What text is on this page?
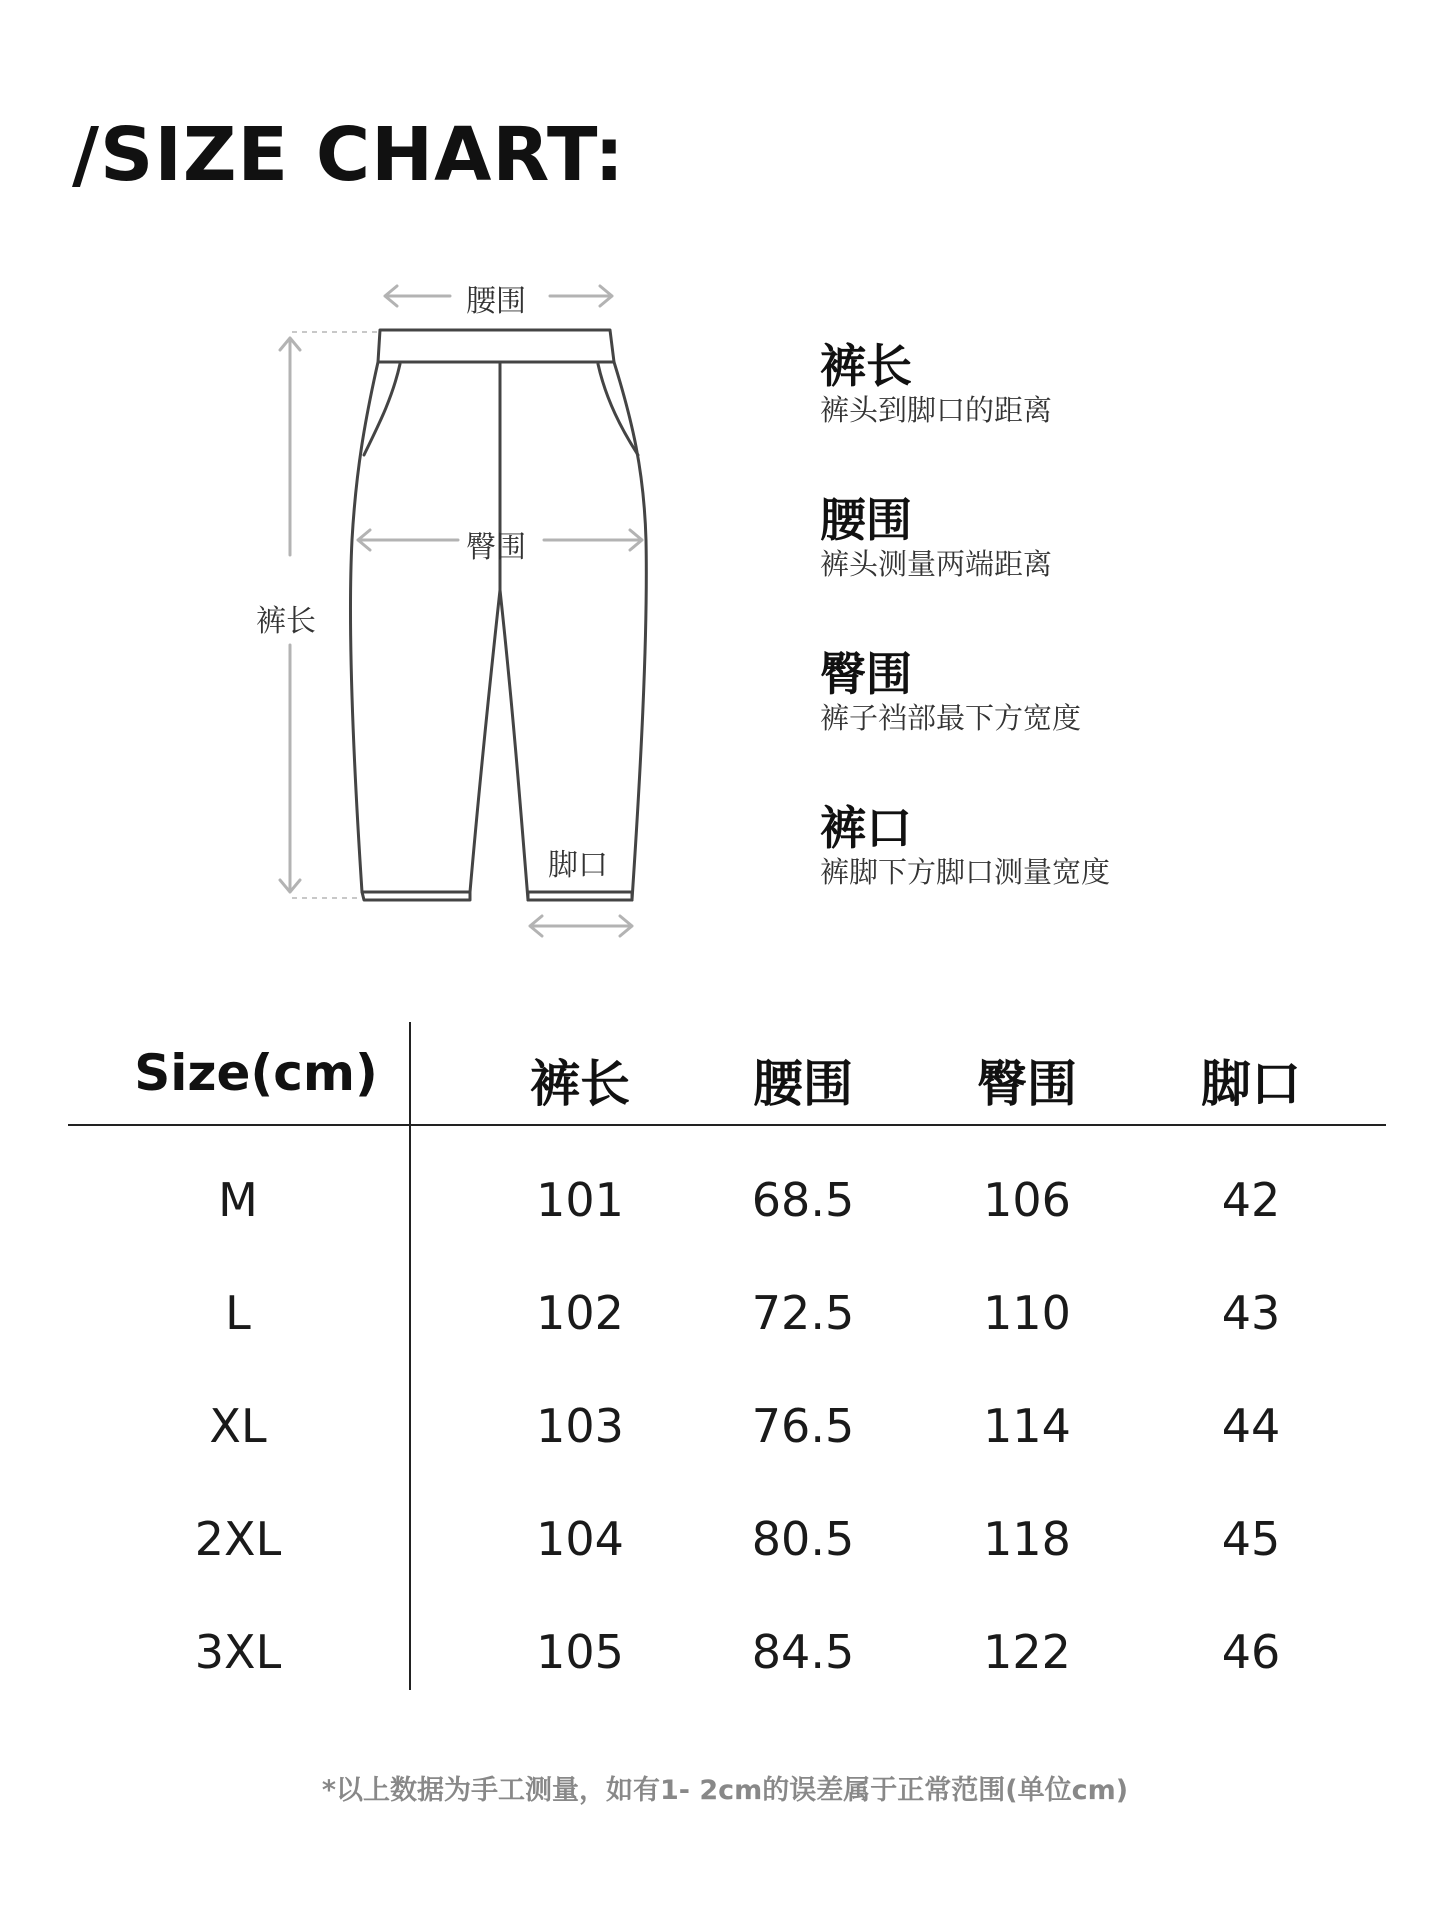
/SIZE CHART:
腰围
臀围
裤长
脚口
裤长
裤头到脚口的距离
腰围
裤头测量两端距离
臀围
裤子裆部最下方宽度
裤口
裤脚下方脚口测量宽度
Size(cm)	裤长 腰围 臀围 脚口
M	101	68.5	106	42
L	102	72.5	110	43
XL	103	76.5	114	44
2XL	104	80.5	118	45
3XL	105	84.5	122	46
*以上数据为手工测量，如有1- 2cm的误差属于正常范围(单位cm)
